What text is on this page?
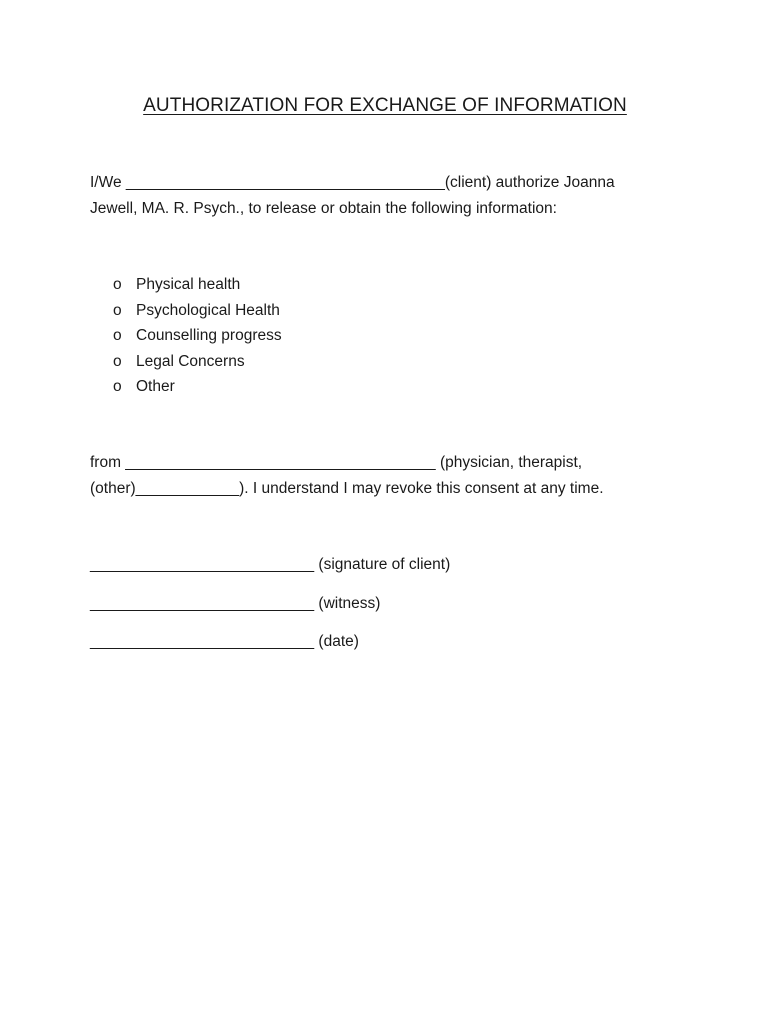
AUTHORIZATION FOR EXCHANGE OF INFORMATION
I/We _____________________________________(client) authorize Joanna
Jewell, MA. R. Psych., to release or obtain the following information:
o Physical health
o Psychological Health
o Counselling progress
o Legal Concerns
o Other
from ____________________________________ (physician, therapist,
(other)____________). I understand I may revoke this consent at any time.
__________________________ (signature of client)
__________________________ (witness)
__________________________ (date)
